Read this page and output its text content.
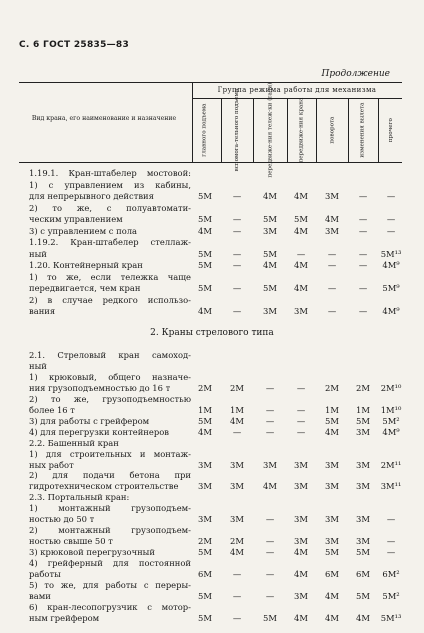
С. 6 ГОСТ 25835—83
Продолжение
Вид крана, его наименование и назначение
Группа режима работы для механизма
главного подъема	вспомога-тельного подъема	передвиже-ния тележ-ки (тали)	передвиже-ния крана	поворота	изменения вылета	прочего
1.19.1. Кран-штабелер мостовой:
1) с управлением из кабины,
для непрерывного действия	5М	—	4М	4М	3М	—	—
2) то же, с полуавтомати-
ческим управлением	5М	—	5М	5М	4М	—	—
3) с управлением с пола	4М	—	3М	4М	3М	—	—
1.19.2. Кран-штабелер стеллаж-
ный	5М	—	5М	—	—	—	5М¹³
1.20. Контейнерный кран	5М	—	4М	4М	—	—	4М⁹
1) то же, если тележка чаще
передвигается, чем кран	5М	—	5М	4М	—	—	5М⁹
2) в случае редкого использо-
вания	4М	—	3М	3М	—	—	4М⁹
2.1. Стреловый кран самоход-
ный
1) крюковый, общего назначе-
ния грузоподъемностью до 16 т	2М	2М	—	—	2М	2М	2М¹⁰
2) то же, грузоподъемностью
более 16 т	1М	1М	—	—	1М	1М	1М¹⁰
3) для работы с грейфером	5М	4М	—	—	5М	5М	5М²
4) для перегрузки контейнеров	4М	—	—	—	4М	3М	4М⁹
2.2. Башенный кран
1) для строительных и монтаж-
ных работ	3М	3М	3М	3М	3М	3М	2М¹¹
2) для подачи бетона при
гидротехническом строительстве	3М	3М	4М	3М	3М	3М	3М¹¹
2.3. Портальный кран:
1) монтажный грузоподъем-
ностью до 50 т	3М	3М	—	3М	3М	3М	—
2) монтажный грузоподъем-
ностью свыше 50 т	2М	2М	—	3М	3М	3М	—
3) крюковой перегрузочный	5М	4М	—	4М	5М	5М	—
4) грейферный для постоянной
работы	6М	—	—	4М	6М	6М	6М²
5) то же, для работы с переры-
вами	5М	—	—	3М	4М	5М	5М²
6) кран-лесопогрузчик с мотор-
ным грейфером	5М	—	5М	4М	4М	4М	5М¹³
2. Краны стрелового типа
